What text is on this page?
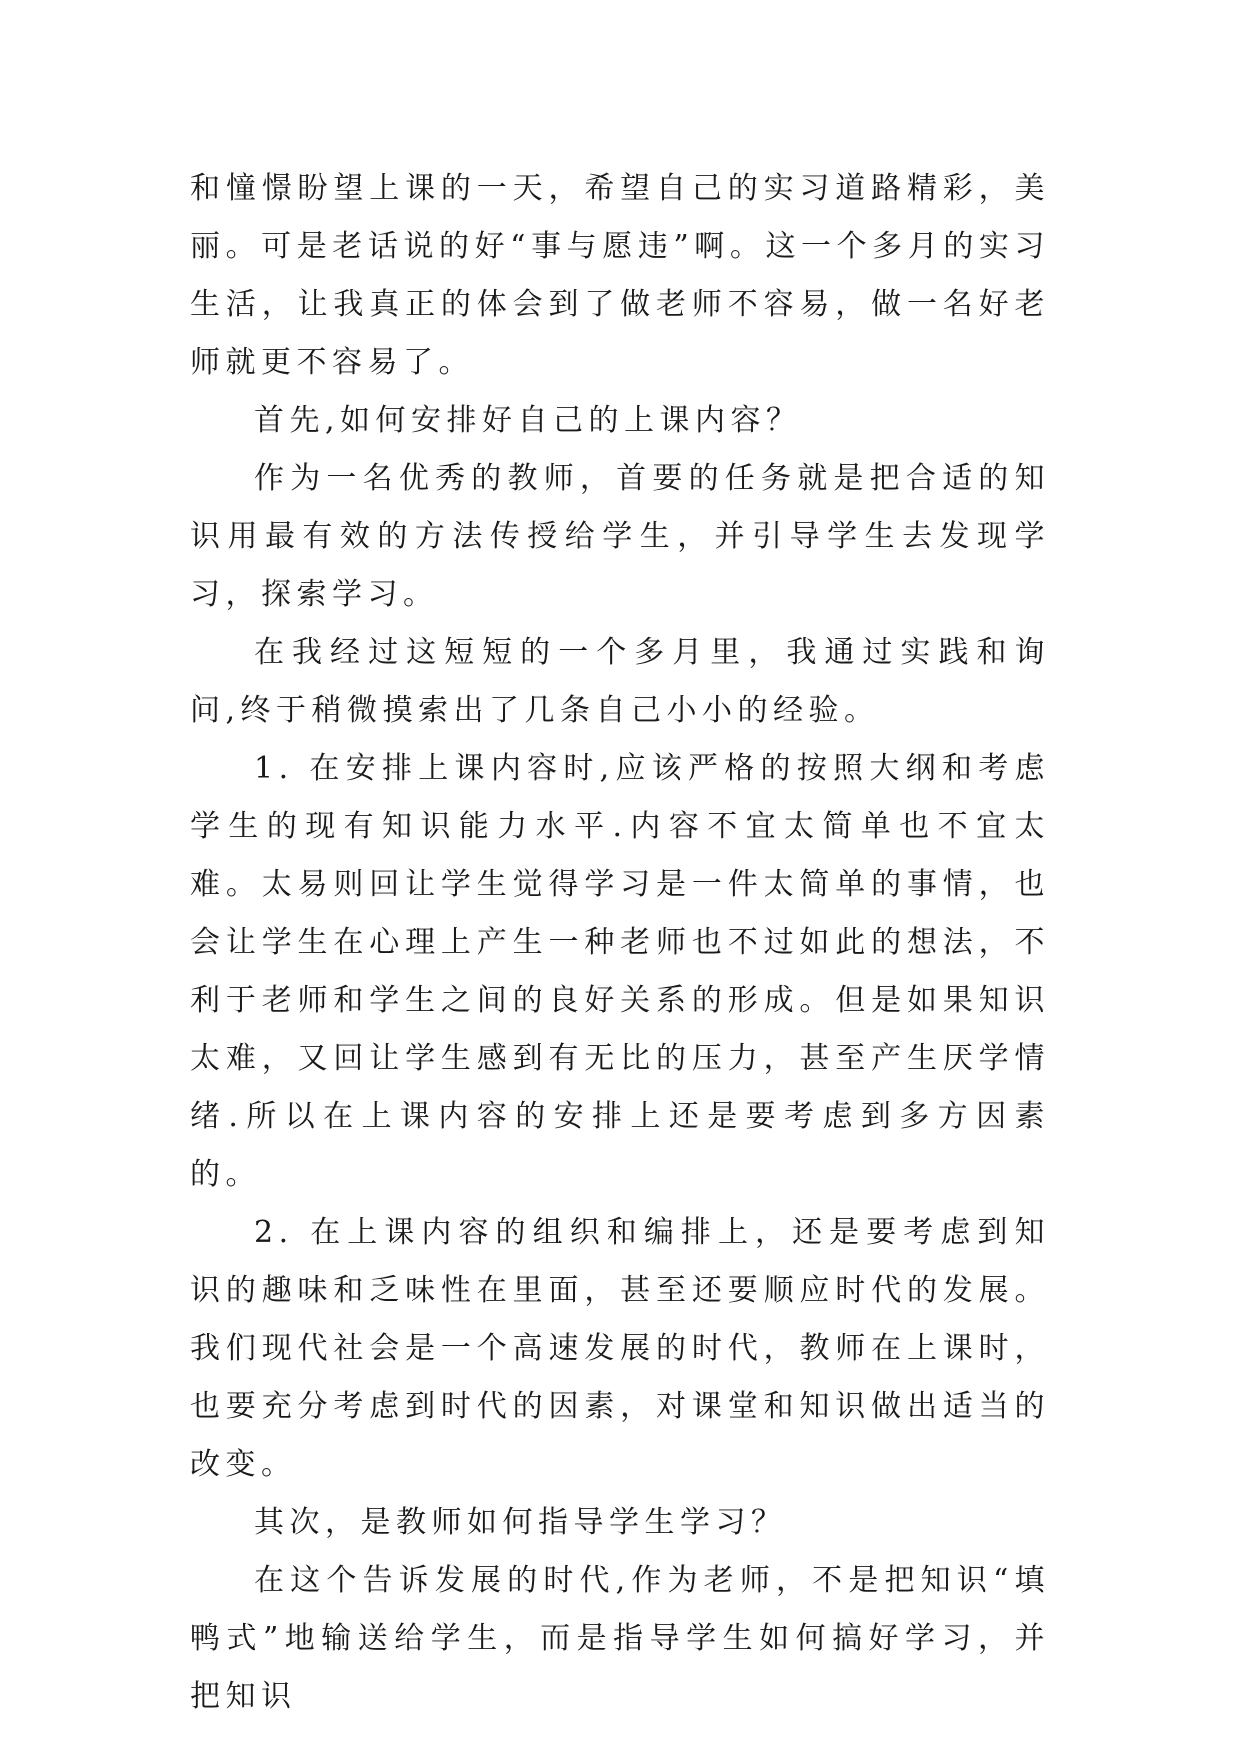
和憧憬盼望上课的一天，希望自己的实习道路精彩，美丽。可是老话说的好“事与愿违”啊。这一个多月的实习生活，让我真正的体会到了做老师不容易，做一名好老师就更不容易了。

首先,如何安排好自己的上课内容？

作为一名优秀的教师，首要的任务就是把合适的知识用最有效的方法传授给学生，并引导学生去发现学习，探索学习。

在我经过这短短的一个多月里，我通过实践和询问,终于稍微摸索出了几条自己小小的经验。

1. 在安排上课内容时,应该严格的按照大纲和考虑学生的现有知识能力水平.内容不宜太简单也不宜太难。太易则回让学生觉得学习是一件太简单的事情，也会让学生在心理上产生一种老师也不过如此的想法，不利于老师和学生之间的良好关系的形成。但是如果知识太难，又回让学生感到有无比的压力，甚至产生厌学情绪.所以在上课内容的安排上还是要考虑到多方因素的。

2. 在上课内容的组织和编排上，还是要考虑到知识的趣味和乏味性在里面，甚至还要顺应时代的发展。我们现代社会是一个高速发展的时代，教师在上课时，也要充分考虑到时代的因素，对课堂和知识做出适当的改变。

其次，是教师如何指导学生学习？

在这个告诉发展的时代,作为老师，不是把知识“填鸭式”地输送给学生，而是指导学生如何搞好学习，并把知识
